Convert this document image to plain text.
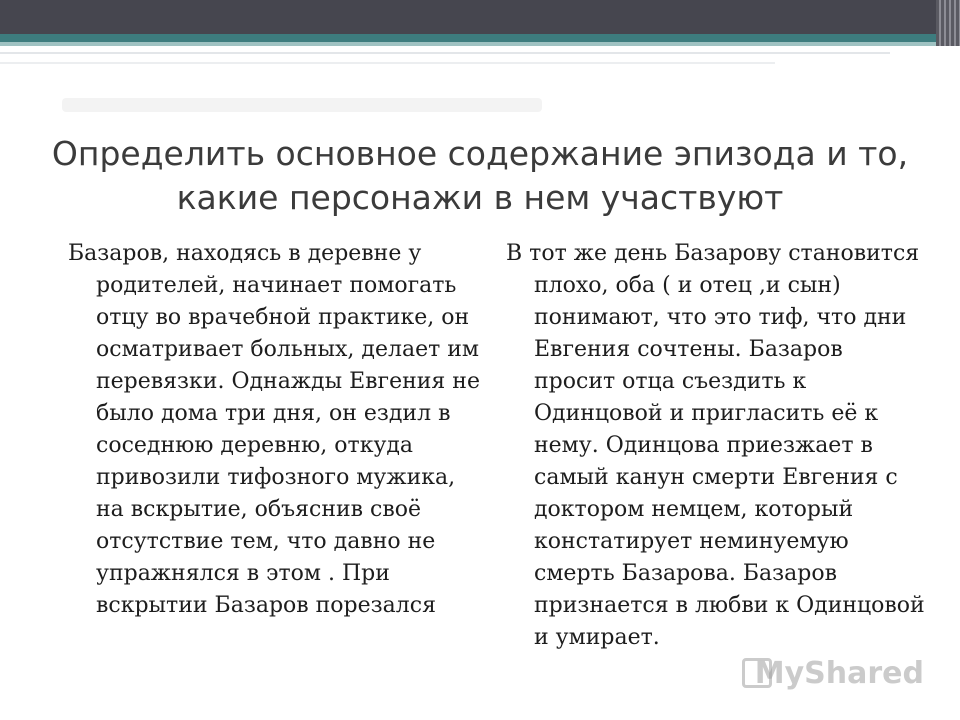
Определить основное содержание эпизода и то, какие персонажи в нем участвуют

Базаров, находясь в деревне у родителей, начинает помогать отцу во врачебной практике, он осматривает больных, делает им перевязки. Однажды Евгения не было дома три дня, он ездил в соседнюю деревню, откуда привозили тифозного мужика, на вскрытие, объяснив своё отсутствие тем, что давно не упражнялся в этом . При вскрытии Базаров порезался

В тот же день Базарову становится плохо, оба ( и отец ,и сын) понимают, что это тиф, что дни Евгения сочтены. Базаров просит отца съездить к Одинцовой и пригласить её к нему. Одинцова приезжает в самый канун смерти Евгения с доктором немцем, который констатирует неминуемую смерть Базарова. Базаров признается в любви к Одинцовой и умирает.

MyShared
